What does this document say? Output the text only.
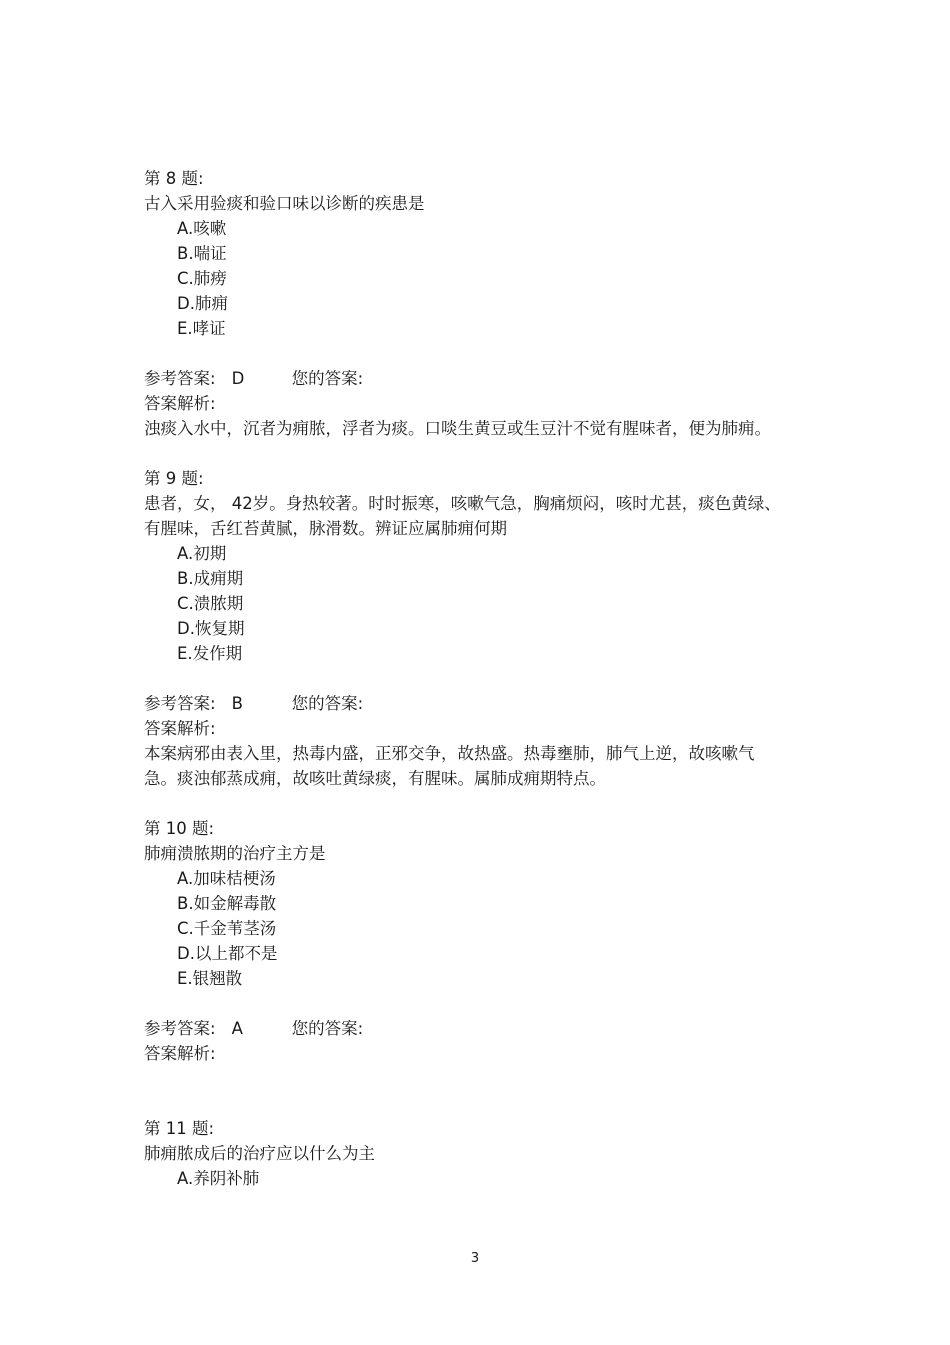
第 8 题:
古入采用验痰和验口味以诊断的疾患是
A.咳嗽
B.喘证
C.肺痨
D.肺痈
E.哮证
参考答案: D	您的答案:
答案解析:
浊痰入水中，沉者为痈脓，浮者为痰。口啖生黄豆或生豆汁不觉有腥味者，便为肺痈。
第 9 题:
患者，女， 42岁。身热较著。时时振寒，咳嗽气急，胸痛烦闷，咳时尤甚，痰色黄绿、有腥味，舌红苔黄腻，脉滑数。辨证应属肺痈何期
A.初期
B.成痈期
C.溃脓期
D.恢复期
E.发作期
参考答案: B	您的答案:
答案解析:
本案病邪由表入里，热毒内盛，正邪交争，故热盛。热毒壅肺，肺气上逆，故咳嗽气急。痰浊郁蒸成痈，故咳吐黄绿痰，有腥味。属肺成痈期特点。
第 10 题:
肺痈溃脓期的治疗主方是
A.加味桔梗汤
B.如金解毒散
C.千金苇茎汤
D.以上都不是
E.银翘散
参考答案: A	您的答案:
答案解析:
第 11 题:
肺痈脓成后的治疗应以什么为主
A.养阴补肺
3
